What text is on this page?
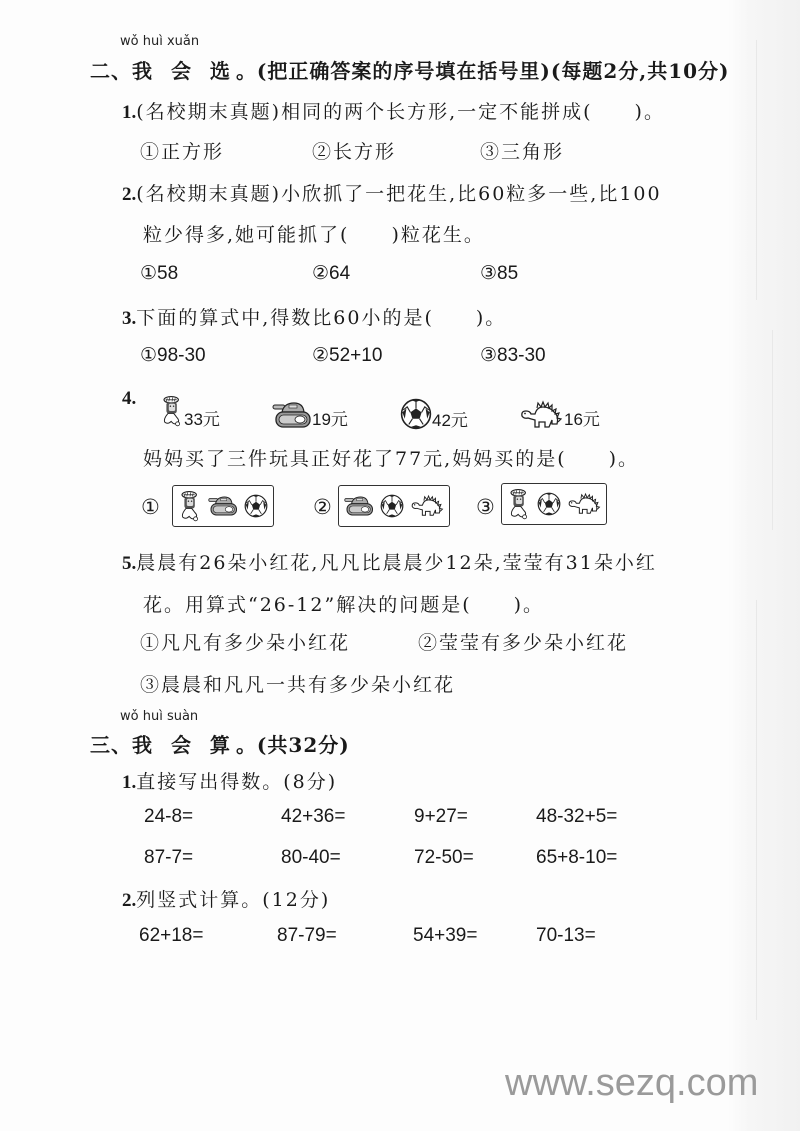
wǒ huì xuǎn
二、我 会 选。(把正确答案的序号填在括号里)(每题2分,共10分)
1.(名校期末真题)相同的两个长方形,一定不能拼成( )。
①正方形	②长方形	③三角形
2.(名校期末真题)小欣抓了一把花生,比60粒多一些,比100
粒少得多,她可能抓了( )粒花生。
①58	②64	③85
3.下面的算式中,得数比60小的是( )。
①98-30	②52+10	③83-30
4.
33元	19元	42元	16元
妈妈买了三件玩具正好花了77元,妈妈买的是( )。
①	②	③
5.晨晨有26朵小红花,凡凡比晨晨少12朵,莹莹有31朵小红
花。用算式“26-12”解决的问题是( )。
①凡凡有多少朵小红花	②莹莹有多少朵小红花
③晨晨和凡凡一共有多少朵小红花
wǒ huì suàn
三、我 会 算。(共32分)
1.直接写出得数。(8分)
24-8=	42+36=	9+27=	48-32+5=
87-7=	80-40=	72-50=	65+8-10=
2.列竖式计算。(12分)
62+18=	87-79=	54+39=	70-13=
www.sezq.com
